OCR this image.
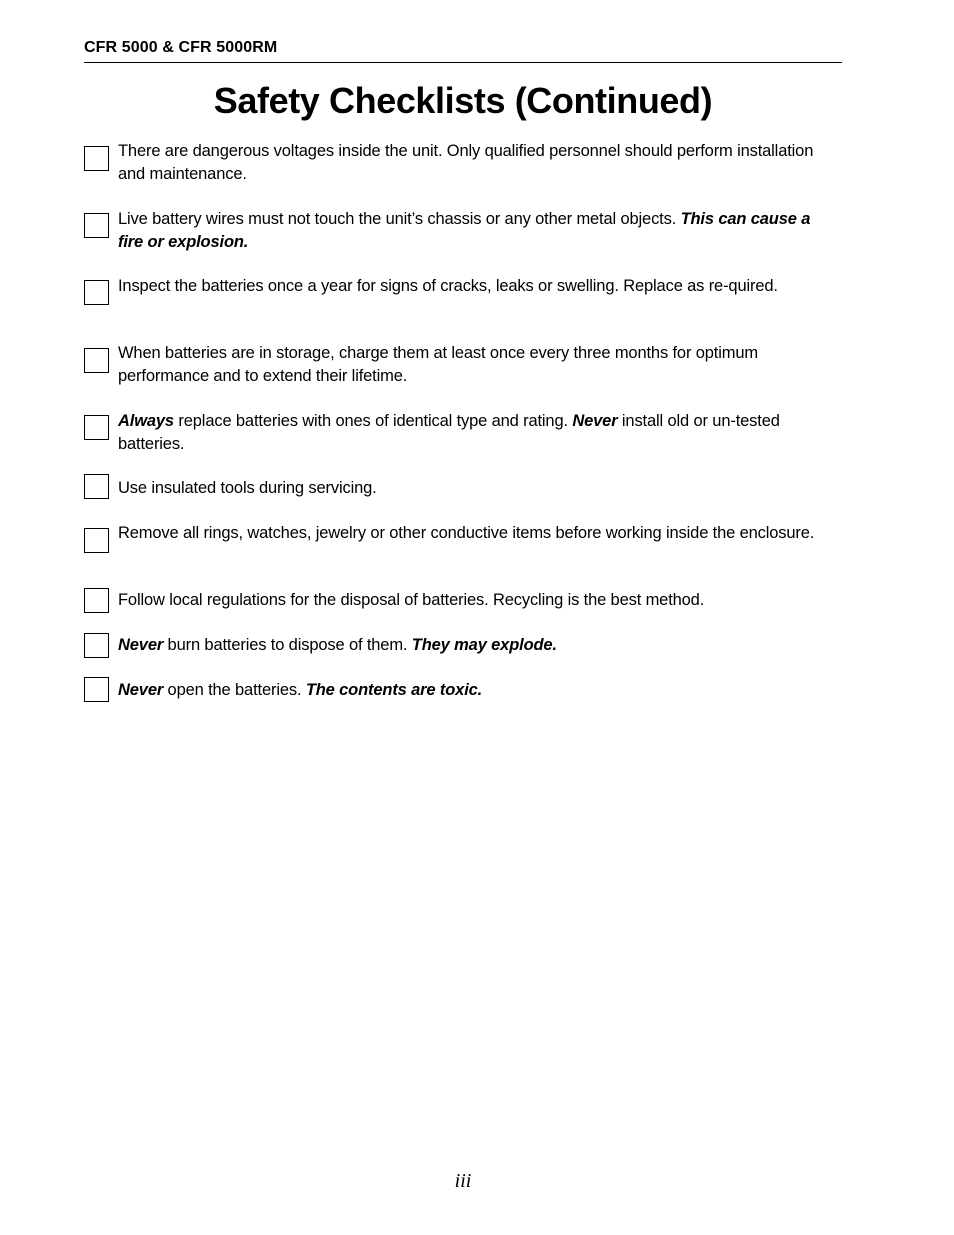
CFR 5000 & CFR 5000RM
Safety Checklists (Continued)
There are dangerous voltages inside the unit. Only qualified personnel should perform installation and maintenance.
Live battery wires must not touch the unit’s chassis or any other metal objects. This can cause a fire or explosion.
Inspect the batteries once a year for signs of cracks, leaks or swelling. Replace as re-quired.
When batteries are in storage, charge them at least once every three months for optimum performance and to extend their lifetime.
Always replace batteries with ones of identical type and rating. Never install old or un-tested batteries.
Use insulated tools during servicing.
Remove all rings, watches, jewelry or other conductive items before working inside the enclosure.
Follow local regulations for the disposal of batteries. Recycling is the best method.
Never burn batteries to dispose of them. They may explode.
Never open the batteries. The contents are toxic.
iii
